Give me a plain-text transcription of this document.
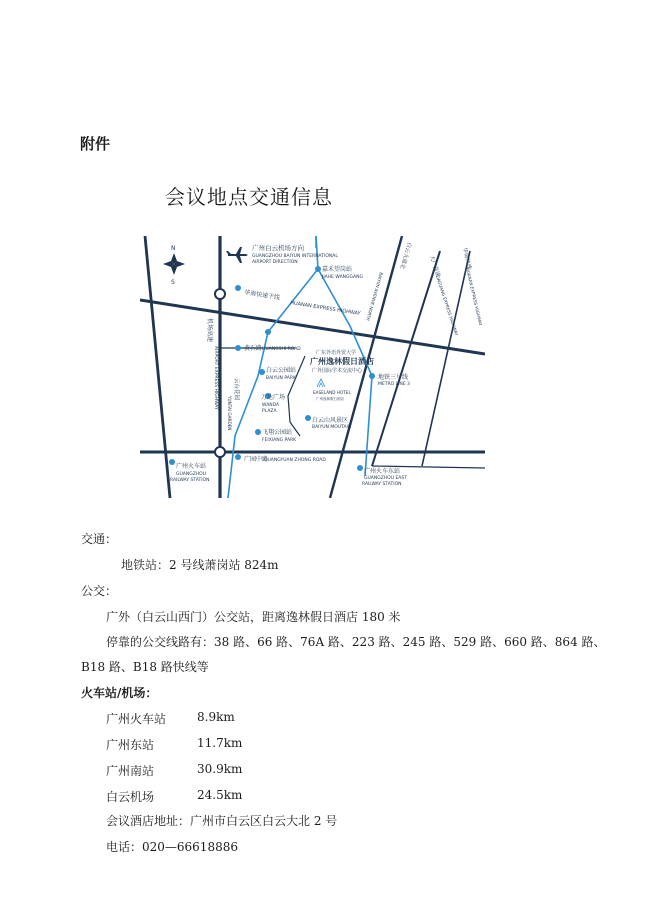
附件
会议地点交通信息
N
S
广州白云机场方向
GUANGZHOU BAIYUN INTERNATIONAL
AIRPORT DIRECTION
嘉禾望岗站
JIAHE WANGGANG
华南快速干线
HUANAN EXPRESS HIGHWAY
机场高速
AIRPORT EXPRESS HIGHWAY	黄石路 HUANGSHI ROAD
广东外语外贸大学
广州逸林假日酒店
广外国际学术交流中心
EASELAND HOTEL
广州逸林假日酒店
白云公园站
BAIYUN PARK
万达广场
WANDA
PLAZA
云台花园
YUNTAI GARDEN
飞翔公园站
FEIXIANG PARK
地铁三号线
METRO LINE 3
白云山风景区
BAIYUN MOUTAIN
广园中路
GUANGYUAN ZHONG ROAD
广州火车站
GUANGZHOU
RAILWAY STATION
广州火车东站
GUANGZHOU EAST
RAILWAY STATION
白云大道北
BAIYUN AVENUE NORTH
大广高速
DAGUANG EXPRESS HIGHWAY
华南快速
HUANAN EXPRESS HIGHWAY
交通：
地铁站：2 号线萧岗站 824m
公交：
广外（白云山西门）公交站，距离逸林假日酒店 180 米
停靠的公交线路有：38 路、66 路、76A 路、223 路、245 路、529 路、660 路、864 路、
B18 路、B18 路快线等
火车站/机场：
广州火车站	8.9km
广州东站	11.7km
广州南站	30.9km
白云机场	24.5km
会议酒店地址：广州市白云区白云大北 2 号
电话：020—66618886
